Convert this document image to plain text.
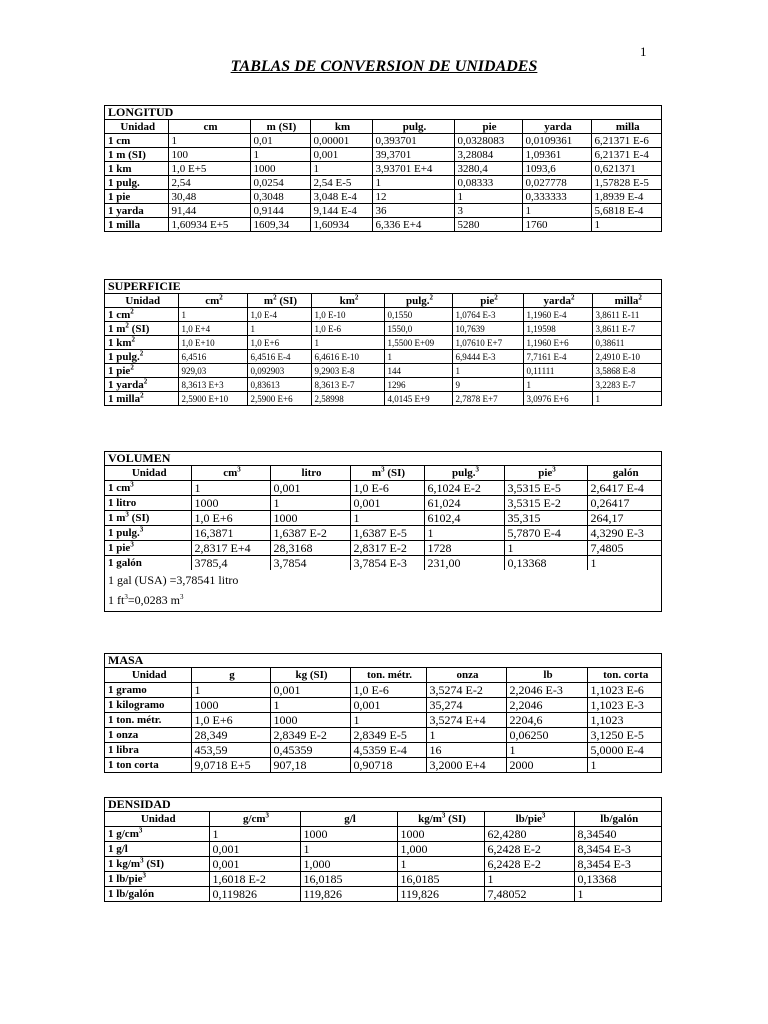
1
TABLAS DE CONVERSION DE UNIDADES
LONGITUD
Unidad	cm	m (SI)	km	pulg.	pie	yarda	milla
1 cm	1	0,01	0,00001	0,393701	0,0328083	0,0109361	6,21371 E-6
1 m (SI)	100	1	0,001	39,3701	3,28084	1,09361	6,21371 E-4
1 km	1,0 E+5	1000	1	3,93701 E+4	3280,4	1093,6	0,621371
1 pulg.	2,54	0,0254	2,54 E-5	1	0,08333	0,027778	1,57828 E-5
1 pie	30,48	0,3048	3,048 E-4	12	1	0,333333	1,8939 E-4
1 yarda	91,44	0,9144	9,144 E-4	36	3	1	5,6818 E-4
1 milla	1,60934 E+5	1609,34	1,60934	6,336 E+4	5280	1760	1
SUPERFICIE
Unidad	$cm^2$	$m^2$ (SI)	$km^2$	pulg.$^2$	pie$^2$	yarda$^2$	milla$^2$
1 $cm^2$	1	1,0 E-4	1,0 E-10	0,1550	1,0764 E-3	1,1960 E-4	3,8611 E-11
1 $m^2$ (SI)	1,0 E+4	1	1,0 E-6	1550,0	10,7639	1,19598	3,8611 E-7
1 $km^2$	1,0 E+10	1,0 E+6	1	1,5500 E+09	1,07610 E+7	1,1960 E+6	0,38611
1 pulg.$^2$	6,4516	6,4516 E-4	6,4616 E-10	1	6,9444 E-3	7,7161 E-4	2,4910 E-10
1 pie$^2$	929,03	0,092903	9,2903 E-8	144	1	0,11111	3,5868 E-8
1 yarda$^2$	8,3613 E+3	0,83613	8,3613 E-7	1296	9	1	3,2283 E-7
1 milla$^2$	2,5900 E+10	2,5900 E+6	2,58998	4,0145 E+9	2,7878 E+7	3,0976 E+6	1
VOLUMEN
Unidad	$cm^3$	litro	$m^3$ (SI)	pulg.$^3$	pie$^3$	galón
1 $cm^3$	1	0,001	1,0 E-6	6,1024 E-2	3,5315 E-5	2,6417 E-4
1 litro	1000	1	0,001	61,024	3,5315 E-2	0,26417
1 $m^3$ (SI)	1,0 E+6	1000	1	6102,4	35,315	264,17
1 pulg.$^3$	16,3871	1,6387 E-2	1,6387 E-5	1	5,7870 E-4	4,3290 E-3
1 pie$^3$	2,8317 E+4	28,3168	2,8317 E-2	1728	1	7,4805
1 galón	3785,4	3,7854	3,7854 E-3	231,00	0,13368	1
1 gal (USA) =3,78541 litro
1 $ft^3=0,0283$ $m^3$
MASA
Unidad	g	kg (SI)	ton. métr.	onza	lb	ton. corta
1 gramo	1	0,001	1,0 E-6	3,5274 E-2	2,2046 E-3	1,1023 E-6
1 kilogramo	1000	1	0,001	35,274	2,2046	1,1023 E-3
1 ton. métr.	1,0 E+6	1000	1	3,5274 E+4	2204,6	1,1023
1 onza	28,349	2,8349 E-2	2,8349 E-5	1	0,06250	3,1250 E-5
1 libra	453,59	0,45359	4,5359 E-4	16	1	5,0000 E-4
1 ton corta	9,0718 E+5	907,18	0,90718	3,2000 E+4	2000	1
DENSIDAD
Unidad	$g/cm^3$	g/l	$kg/m^3$ (SI)	lb/pie$^3$	lb/galón
1 $g/cm^3$	1	1000	1000	62,4280	8,34540
1 g/l	0,001	1	1,000	6,2428 E-2	8,3454 E-3
1 $kg/m^3$ (SI)	0,001	1,000	1	6,2428 E-2	8,3454 E-3
1 lb/pie$^3$	1,6018 E-2	16,0185	16,0185	1	0,13368
1 lb/galón	0,119826	119,826	119,826	7,48052	1
